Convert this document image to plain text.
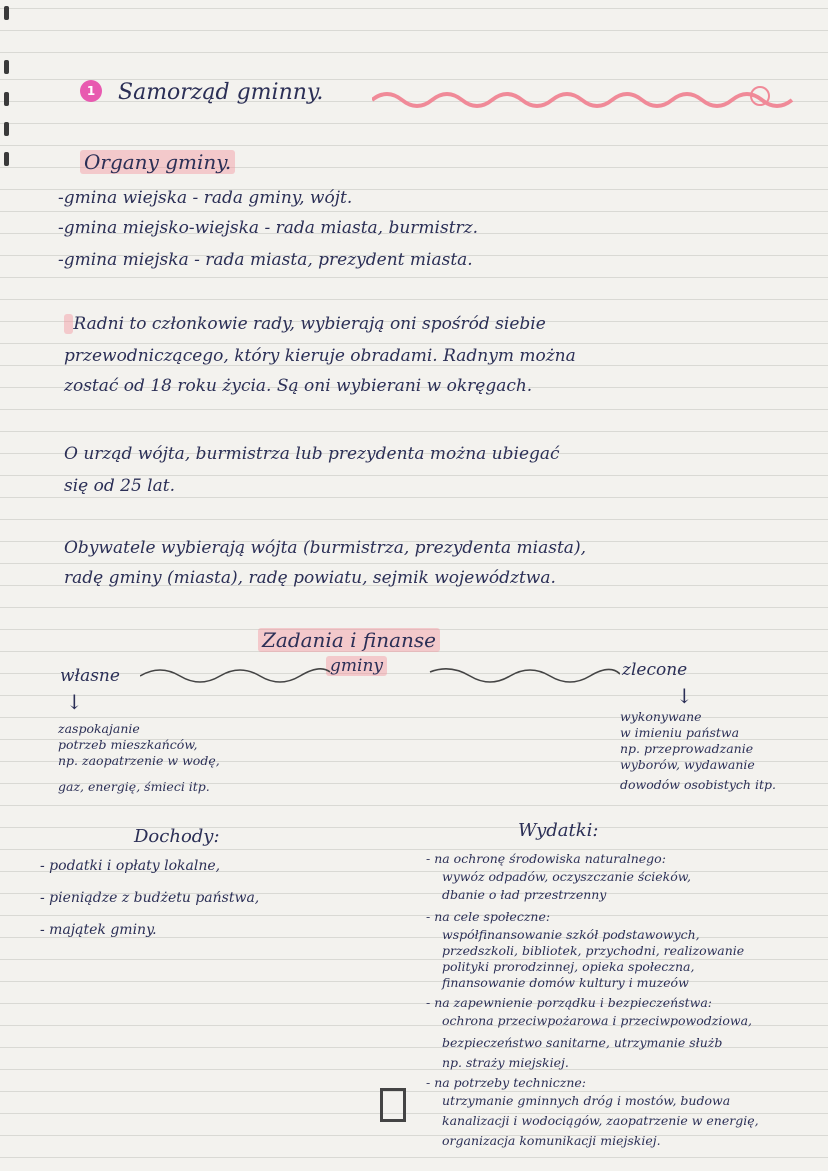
1	Samorząd gminny.
Organy gminy.
-gmina wiejska - rada gminy, wójt.
-gmina miejsko-wiejska - rada miasta, burmistrz.
-gmina miejska - rada miasta, prezydent miasta.
Radni to członkowie rady, wybierają oni spośród siebie
przewodniczącego, który kieruje obradami. Radnym można
zostać od 18 roku życia. Są oni wybierani w okręgach.
O urząd wójta, burmistrza lub prezydenta można ubiegać
się od 25 lat.
Obywatele wybierają wójta (burmistrza, prezydenta miasta),
radę gminy (miasta), radę powiatu, sejmik województwa.
Zadania i finanse
gminy
własne	zlecone
↓	↓
zaspokajanie
potrzeb mieszkańców,
np. zaopatrzenie w wodę,
gaz, energię, śmieci itp.
wykonywane
w imieniu państwa
np. przeprowadzanie
wyborów, wydawanie
dowodów osobistych itp.
Dochody:
- podatki i opłaty lokalne,
- pieniądze z budżetu państwa,
- majątek gminy.
Wydatki:
- na ochronę środowiska naturalnego:
wywóz odpadów, oczyszczanie ścieków,
dbanie o ład przestrzenny
- na cele społeczne:
współfinansowanie szkół podstawowych,
przedszkoli, bibliotek, przychodni, realizowanie
polityki prorodzinnej, opieka społeczna,
finansowanie domów kultury i muzeów
- na zapewnienie porządku i bezpieczeństwa:
ochrona przeciwpożarowa i przeciwpowodziowa,
bezpieczeństwo sanitarne, utrzymanie służb
np. straży miejskiej.
- na potrzeby techniczne:
utrzymanie gminnych dróg i mostów, budowa
kanalizacji i wodociągów, zaopatrzenie w energię,
organizacja komunikacji miejskiej.
